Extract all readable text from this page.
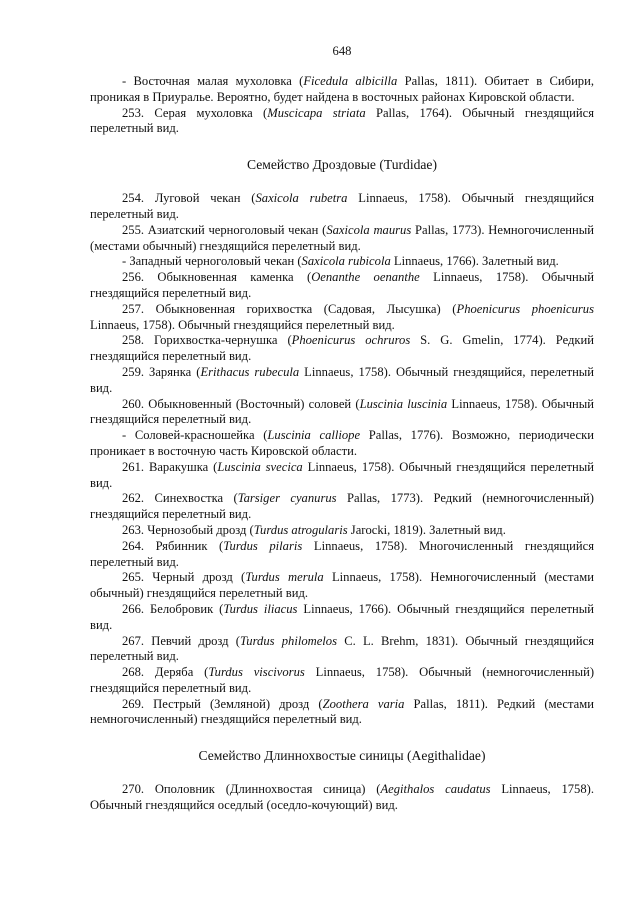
648

- Восточная малая мухоловка (Ficedula albicilla Pallas, 1811). Обитает в Сибири, проникая в Приуралье. Вероятно, будет найдена в восточных районах Кировской области.

253. Серая мухоловка (Muscicapa striata Pallas, 1764). Обычный гнездящийся перелетный вид.

Семейство Дроздовые (Turdidae)

254. Луговой чекан (Saxicola rubetra Linnaeus, 1758). Обычный гнездящийся перелетный вид.

255. Азиатский черноголовый чекан (Saxicola maurus Pallas, 1773). Немногочисленный (местами обычный) гнездящийся перелетный вид.

- Западный черноголовый чекан (Saxicola rubicola Linnaeus, 1766). Залетный вид.

256. Обыкновенная каменка (Oenanthe oenanthe Linnaeus, 1758). Обычный гнездящийся перелетный вид.

257. Обыкновенная горихвостка (Садовая, Лысушка) (Phoenicurus phoenicurus Linnaeus, 1758). Обычный гнездящийся перелетный вид.

258. Горихвостка-чернушка (Phoenicurus ochruros S. G. Gmelin, 1774). Редкий гнездящийся перелетный вид.

259. Зарянка (Erithacus rubecula Linnaeus, 1758). Обычный гнездящийся, перелетный вид.

260. Обыкновенный (Восточный) соловей (Luscinia luscinia Linnaeus, 1758). Обычный гнездящийся перелетный вид.

- Соловей-красношейка (Luscinia calliope Pallas, 1776). Возможно, периодически проникает в восточную часть Кировской области.

261. Варакушка (Luscinia svecica Linnaeus, 1758). Обычный гнездящийся перелетный вид.

262. Синехвостка (Tarsiger cyanurus Pallas, 1773). Редкий (немногочисленный) гнездящийся перелетный вид.

263. Чернозобый дрозд (Turdus atrogularis Jarocki, 1819). Залетный вид.

264. Рябинник (Turdus pilaris Linnaeus, 1758). Многочисленный гнездящийся перелетный вид.

265. Черный дрозд (Turdus merula Linnaeus, 1758). Немногочисленный (местами обычный) гнездящийся перелетный вид.

266. Белобровик (Turdus iliacus Linnaeus, 1766). Обычный гнездящийся перелетный вид.

267. Певчий дрозд (Turdus philomelos C. L. Brehm, 1831). Обычный гнездящийся перелетный вид.

268. Деряба (Turdus viscivorus Linnaeus, 1758). Обычный (немногочисленный) гнездящийся перелетный вид.

269. Пестрый (Земляной) дрозд (Zoothera varia Pallas, 1811). Редкий (местами немногочисленный) гнездящийся перелетный вид.

Семейство Длиннохвостые синицы (Aegithalidae)

270. Ополовник (Длиннохвостая синица) (Aegithalos caudatus Linnaeus, 1758). Обычный гнездящийся оседлый (оседло-кочующий) вид.
